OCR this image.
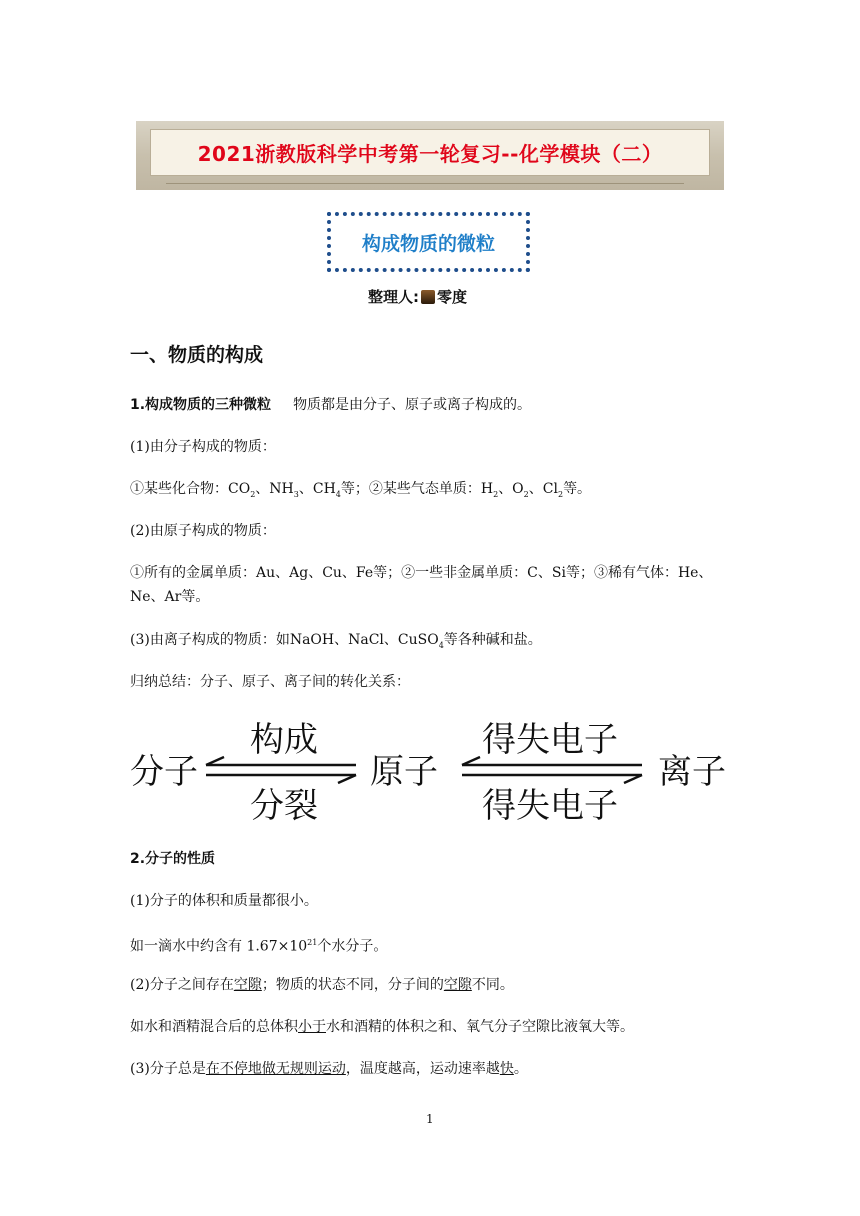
2021浙教版科学中考第一轮复习--化学模块（二）
构成物质的微粒
整理人: 零度
一、物质的构成
1.构成物质的三种微粒 物质都是由分子、原子或离子构成的。
(1)由分子构成的物质：
①某些化合物：$CO_2$、$NH_3$、$CH_4$等；②某些气态单质：$H_2$、$O_2$、$Cl_2$等。
(2)由原子构成的物质：
①所有的金属单质：Au、Ag、Cu、Fe等；②一些非金属单质：C、Si等；③稀有气体：He、Ne、Ar等。
(3)由离子构成的物质：如NaOH、NaCl、CuSO$_4$等各种碱和盐。
归纳总结：分子、原子、离子间的转化关系：
分子
构成
分裂
原子
得失电子
得失电子
离子
2.分子的性质
(1)分子的体积和质量都很小。
如一滴水中约含有 $1.67\times 10^{21}$个水分子。
(2)分子之间存在空隙；物质的状态不同，分子间的空隙不同。
如水和酒精混合后的总体积小于水和酒精的体积之和、氧气分子空隙比液氧大等。
(3)分子总是在不停地做无规则运动，温度越高，运动速率越快。
1
